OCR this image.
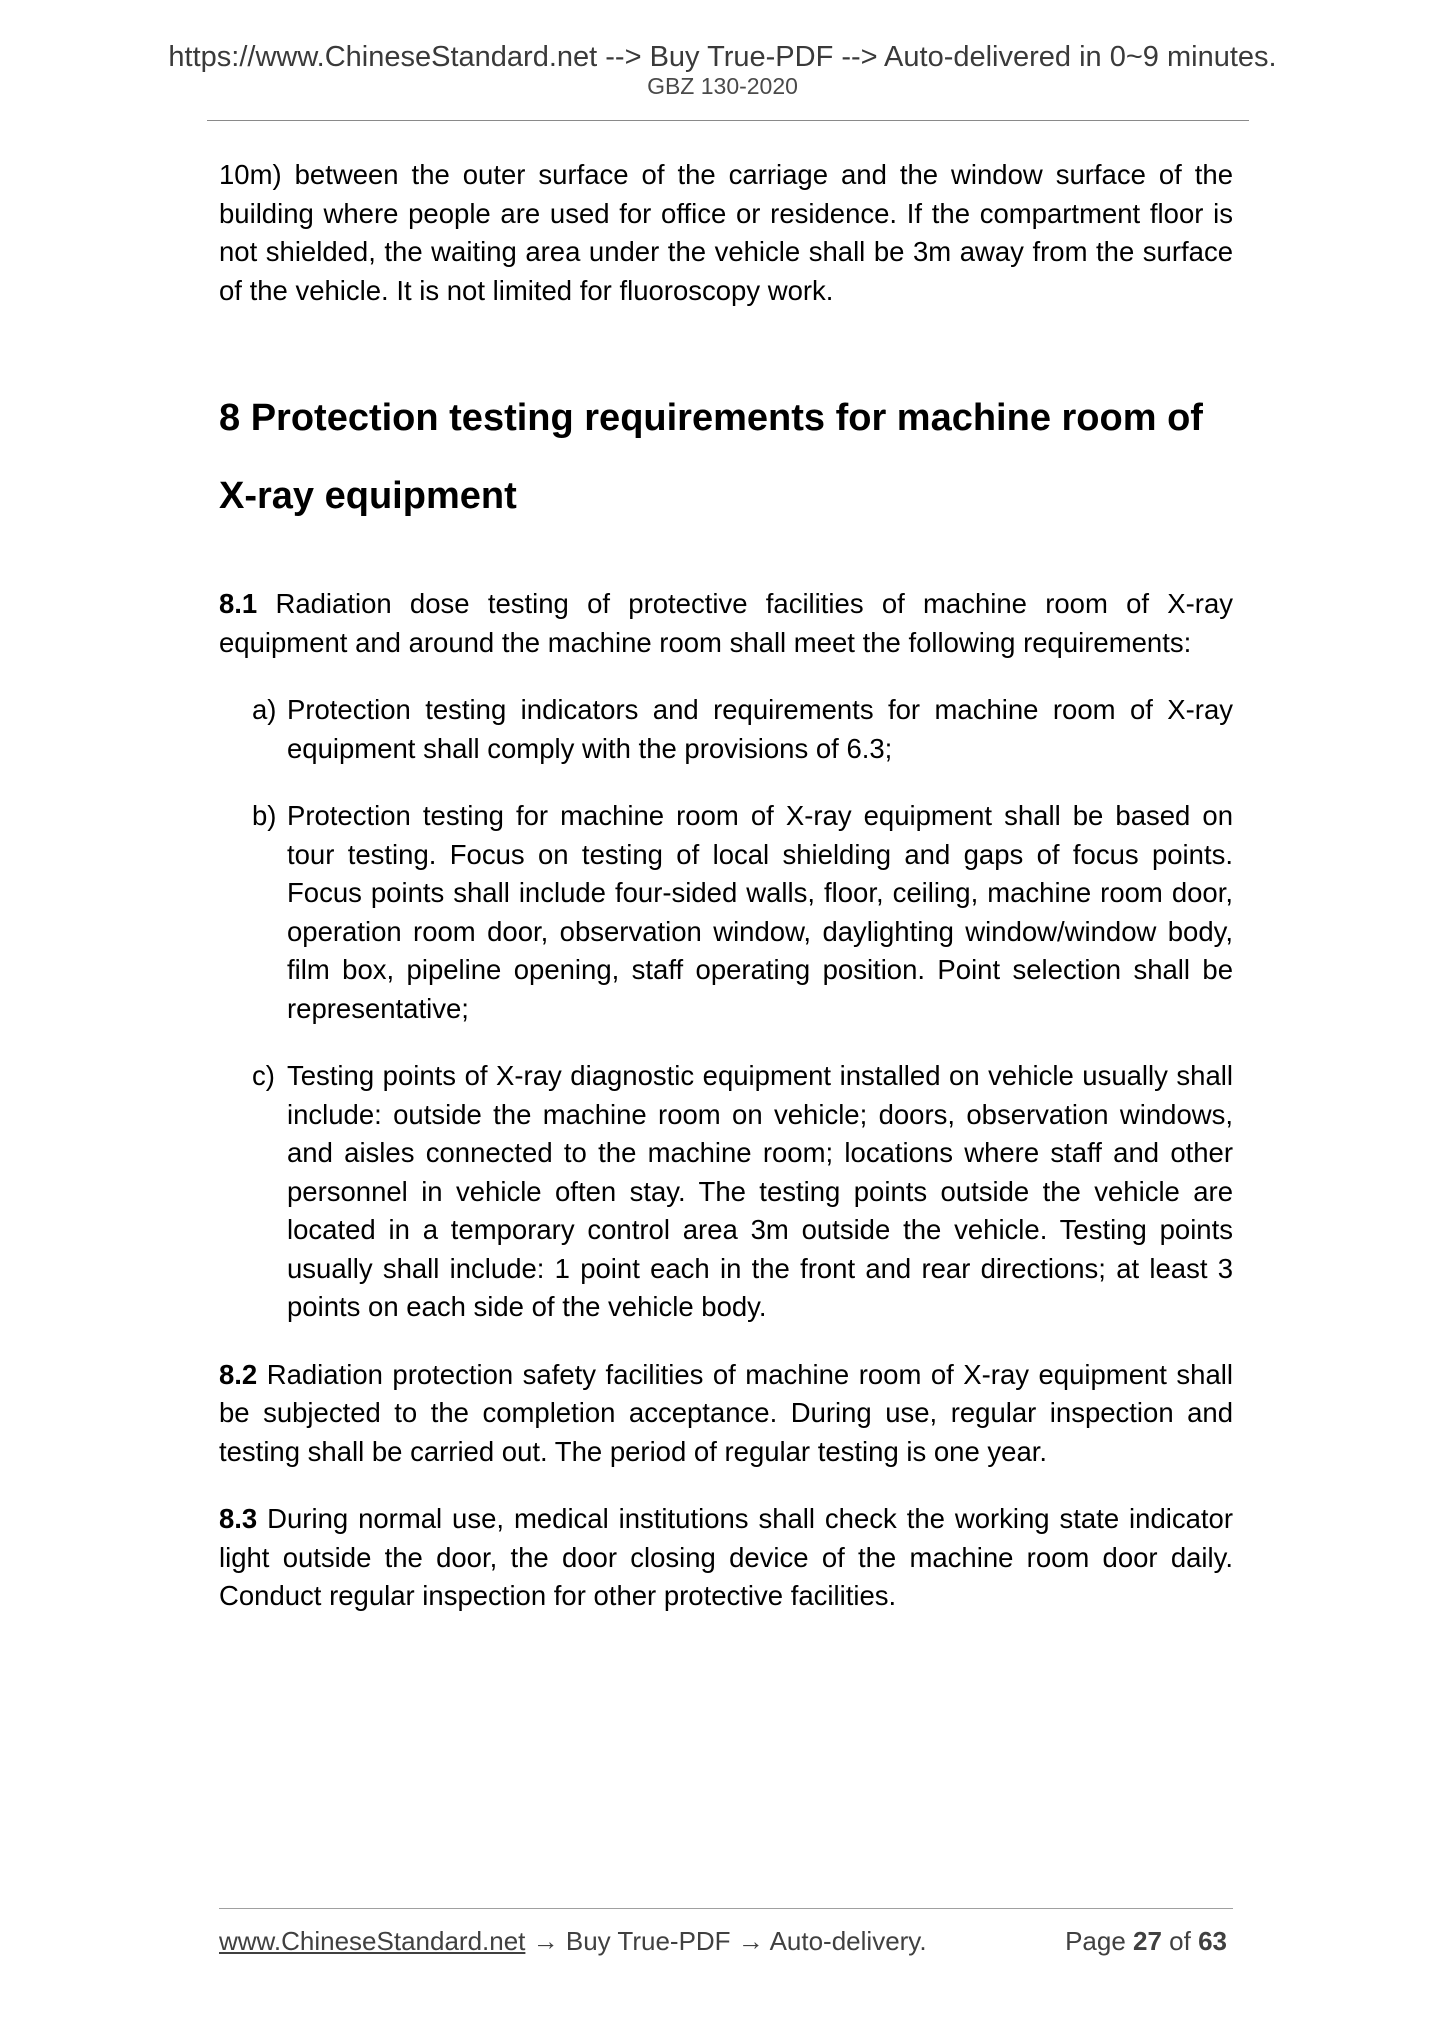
https://www.ChineseStandard.net --> Buy True-PDF --> Auto-delivered in 0~9 minutes.
GBZ 130-2020

10m) between the outer surface of the carriage and the window surface of the building where people are used for office or residence. If the compartment floor is not shielded, the waiting area under the vehicle shall be 3m away from the surface of the vehicle. It is not limited for fluoroscopy work.

8 Protection testing requirements for machine room of X-ray equipment

8.1 Radiation dose testing of protective facilities of machine room of X-ray equipment and around the machine room shall meet the following requirements:

a) Protection testing indicators and requirements for machine room of X-ray equipment shall comply with the provisions of 6.3;

b) Protection testing for machine room of X-ray equipment shall be based on tour testing. Focus on testing of local shielding and gaps of focus points. Focus points shall include four-sided walls, floor, ceiling, machine room door, operation room door, observation window, daylighting window/window body, film box, pipeline opening, staff operating position. Point selection shall be representative;

c) Testing points of X-ray diagnostic equipment installed on vehicle usually shall include: outside the machine room on vehicle; doors, observation windows, and aisles connected to the machine room; locations where staff and other personnel in vehicle often stay. The testing points outside the vehicle are located in a temporary control area 3m outside the vehicle. Testing points usually shall include: 1 point each in the front and rear directions; at least 3 points on each side of the vehicle body.

8.2 Radiation protection safety facilities of machine room of X-ray equipment shall be subjected to the completion acceptance. During use, regular inspection and testing shall be carried out. The period of regular testing is one year.

8.3 During normal use, medical institutions shall check the working state indicator light outside the door, the door closing device of the machine room door daily. Conduct regular inspection for other protective facilities.

www.ChineseStandard.net → Buy True-PDF → Auto-delivery.	Page 27 of 63
